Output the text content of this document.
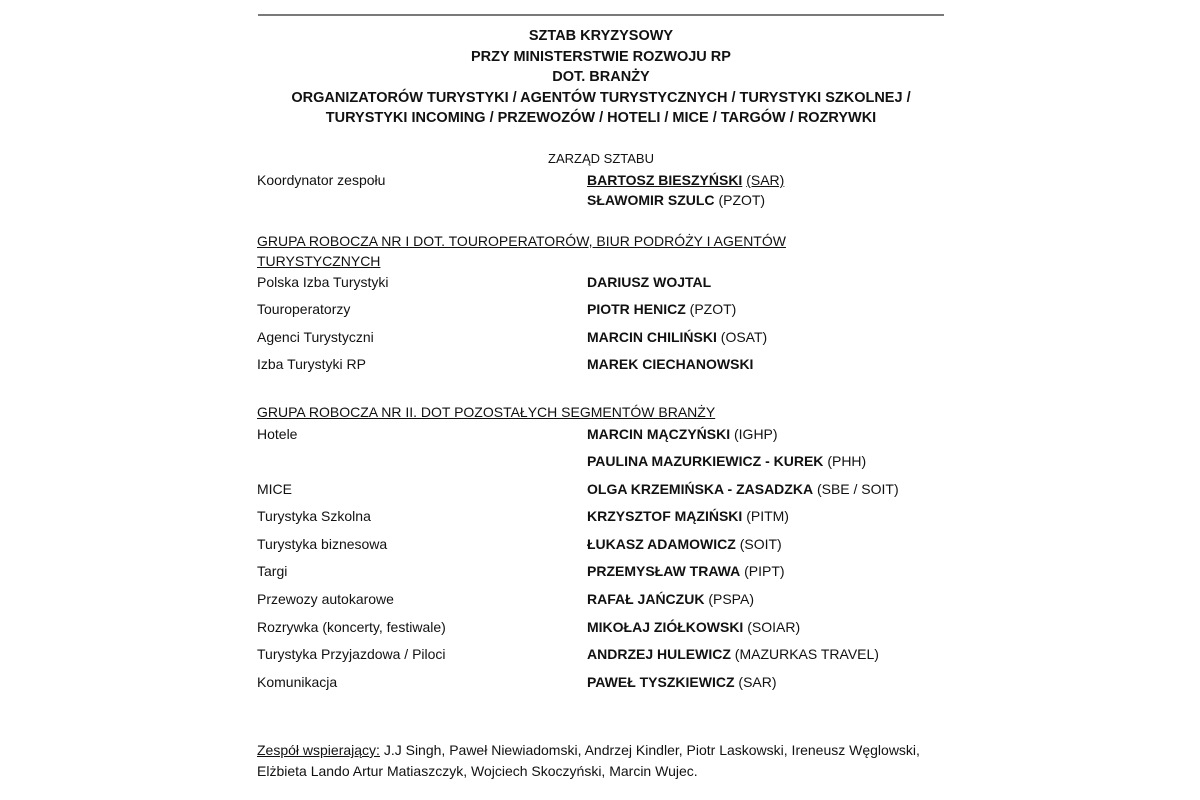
SZTAB KRYZYSOWY
PRZY MINISTERSTWIE ROZWOJU RP
DOT. BRANŻY
ORGANIZATORÓW TURYSTYKI / AGENTÓW TURYSTYCZNYCH / TURYSTYKI SZKOLNEJ /
TURYSTYKI INCOMING / PRZEWOZÓW / HOTELI / MICE / TARGÓW / ROZRYWKI
ZARZĄD SZTABU
Koordynator zespołu	BARTOSZ BIESZYŃSKI (SAR)
SŁAWOMIR SZULC (PZOT)
GRUPA ROBOCZA NR I DOT. TOUROPERATORÓW, BIUR PODRÓŻY I AGENTÓW
TURYSTYCZNYCH
Polska Izba Turystyki	DARIUSZ WOJTAL
Touroperatorzy	PIOTR HENICZ (PZOT)
Agenci Turystyczni	MARCIN CHILIŃSKI (OSAT)
Izba Turystyki RP	MAREK CIECHANOWSKI
GRUPA ROBOCZA NR II. DOT POZOSTAŁYCH SEGMENTÓW BRANŻY
Hotele	MARCIN MĄCZYŃSKI (IGHP)
PAULINA MAZURKIEWICZ - KUREK (PHH)
MICE	OLGA KRZEMIŃSKA - ZASADZKA (SBE / SOIT)
Turystyka Szkolna	KRZYSZTOF MĄZIŃSKI (PITM)
Turystyka biznesowa	ŁUKASZ ADAMOWICZ (SOIT)
Targi	PRZEMYSŁAW TRAWA (PIPT)
Przewozy autokarowe	RAFAŁ JAŃCZUK (PSPA)
Rozrywka (koncerty, festiwale)	MIKOŁAJ ZIÓŁKOWSKI (SOIAR)
Turystyka Przyjazdowa / Piloci	ANDRZEJ HULEWICZ (MAZURKAS TRAVEL)
Komunikacja	PAWEŁ TYSZKIEWICZ (SAR)
Zespół wspierający: J.J Singh, Paweł Niewiadomski, Andrzej Kindler, Piotr Laskowski, Ireneusz Węglowski, Elżbieta Lando Artur Matiaszczyk, Wojciech Skoczyński, Marcin Wujec.
